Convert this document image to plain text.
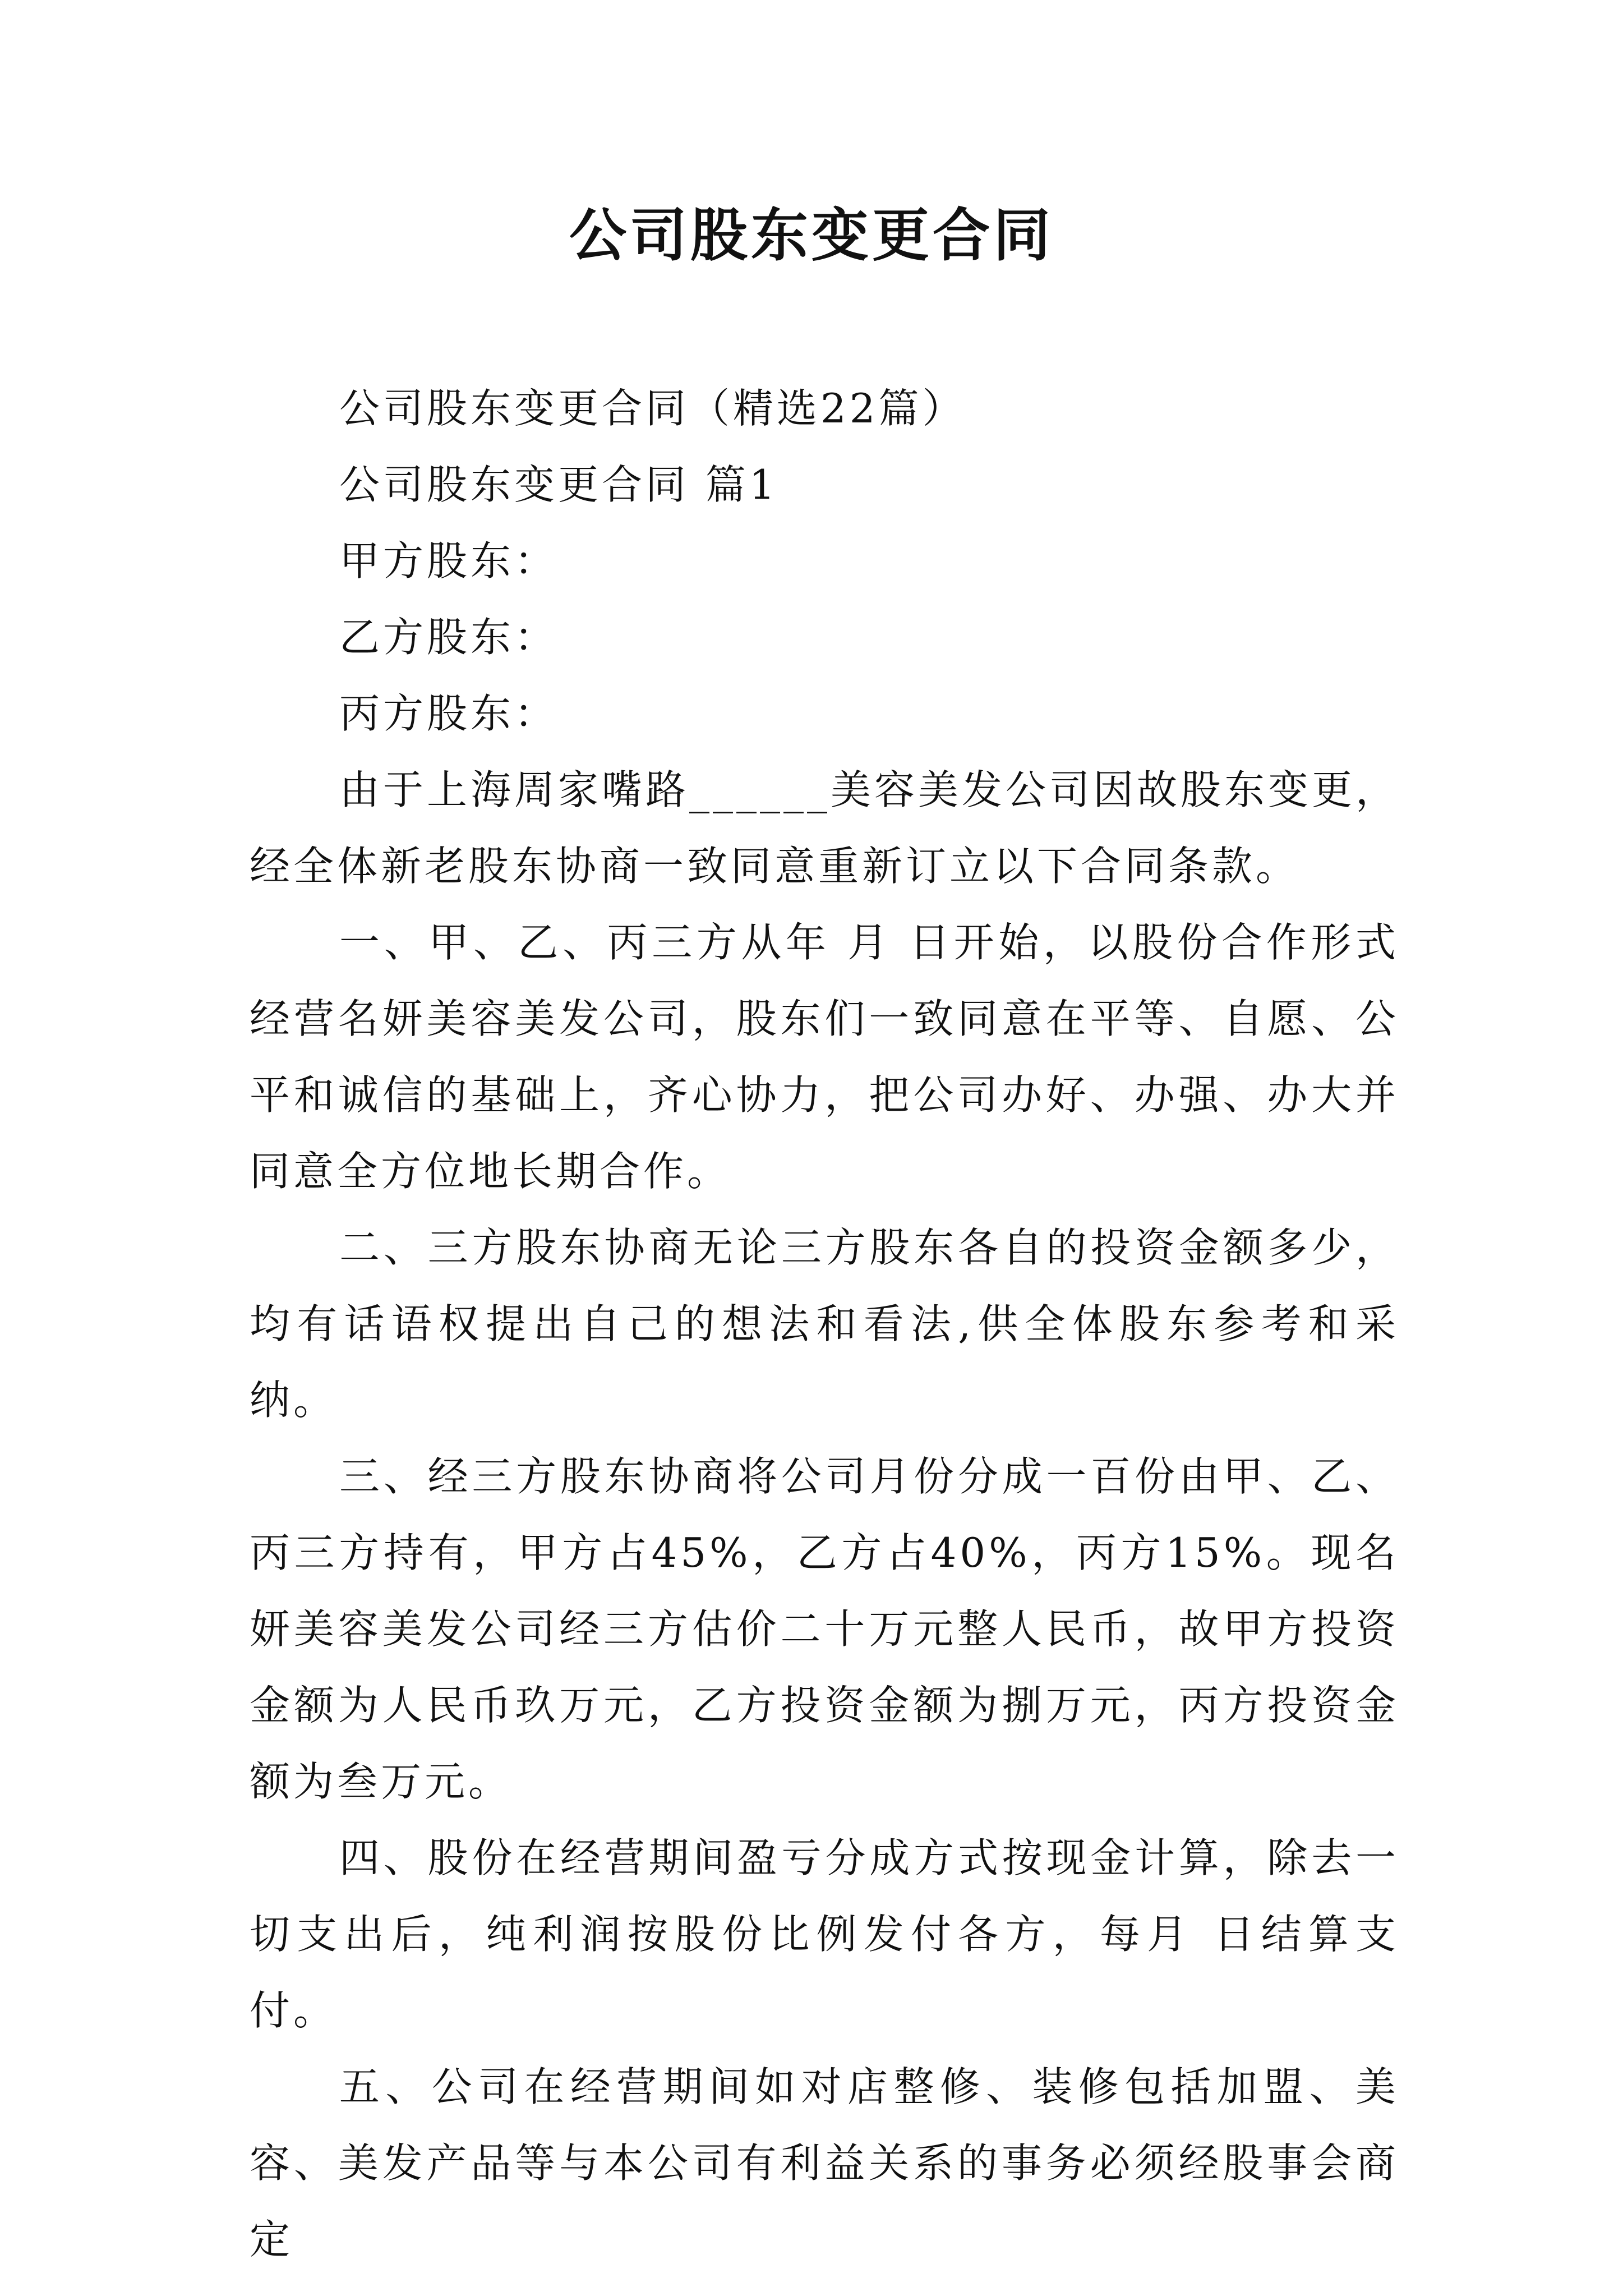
公司股东变更合同

公司股东变更合同（精选22篇）

公司股东变更合同 篇1

甲方股东：

乙方股东：

丙方股东：

由于上海周家嘴路______美容美发公司因故股东变更，经全体新老股东协商一致同意重新订立以下合同条款。

一、甲、乙、丙三方从年 月 日开始，以股份合作形式经营名妍美容美发公司，股东们一致同意在平等、自愿、公平和诚信的基础上，齐心协力，把公司办好、办强、办大并同意全方位地长期合作。

二、三方股东协商无论三方股东各自的投资金额多少，均有话语权提出自己的想法和看法,供全体股东参考和采纳。

三、经三方股东协商将公司月份分成一百份由甲、乙、丙三方持有，甲方占45%，乙方占40%，丙方15%。现名妍美容美发公司经三方估价二十万元整人民币，故甲方投资金额为人民币玖万元，乙方投资金额为捌万元，丙方投资金额为叁万元。

四、股份在经营期间盈亏分成方式按现金计算，除去一切支出后，纯利润按股份比例发付各方，每月 日结算支付。

五、公司在经营期间如对店整修、装修包括加盟、美容、美发产品等与本公司有利益关系的事务必须经股事会商定
